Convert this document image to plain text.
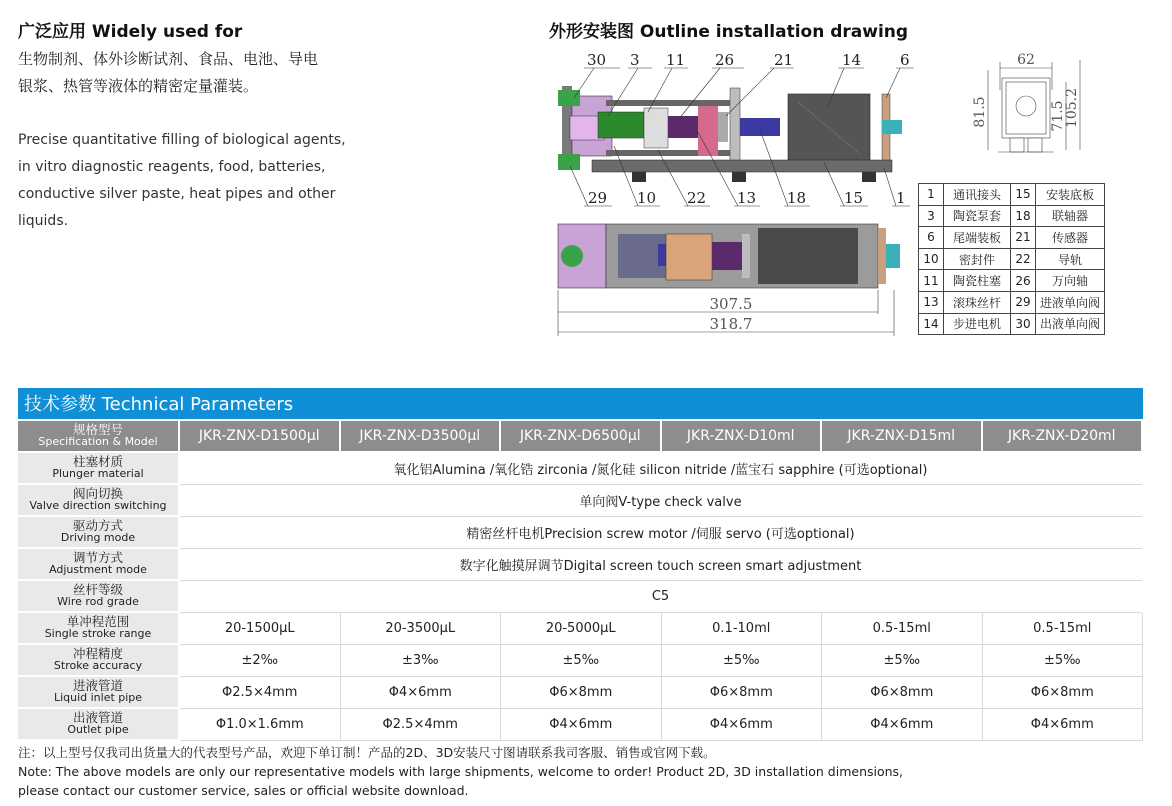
广泛应用 Widely used for
生物制剂、体外诊断试剂、食品、电池、导电
银浆、热管等液体的精密定量灌装。
Precise quantitative filling of biological agents,
in vitro diagnostic reagents, food, batteries,
conductive silver paste, heat pipes and other
liquids.
外形安装图 Outline installation drawing
30 3 11 26	21	14	6
29 10 22 13 18	15 1
307.5
318.7
62
81.5	71.5
105.2
1	通讯接头	15	安装底板
3	陶瓷泵套	18	联轴器
6	尾端装板	21	传感器
10	密封件	22	导轨
11	陶瓷柱塞	26	万向轴
13	滚珠丝杆	29	进液单向阀
14	步进电机	30	出液单向阀
技术参数 Technical Parameters
规格型号
Specification & Model	JKR-ZNX-D1500μl	JKR-ZNX-D3500μl	JKR-ZNX-D6500μl	JKR-ZNX-D10ml	JKR-ZNX-D15ml	JKR-ZNX-D20ml

柱塞材质
Plunger material	氧化铝Alumina /氧化锆 zirconia /氮化硅 silicon nitride /蓝宝石 sapphire (可选optional)					

阀向切换
Valve direction switching	单向阀V-type check valve					

驱动方式
Driving mode	精密丝杆电机Precision screw motor /伺服 servo (可选optional)					

调节方式
Adjustment mode	数字化触摸屏调节Digital screen touch screen smart adjustment					

丝杆等级
Wire rod grade	C5					

单冲程范围
Single stroke range	20-1500μL	20-3500μL	20-5000μL	0.1-10ml	0.5-15ml	0.5-15ml

冲程精度
Stroke accuracy	±2‰	±3‰	±5‰	±5‰	±5‰	±5‰

进液管道
Liquid inlet pipe	Φ2.5×4mm	Φ4×6mm	Φ6×8mm	Φ6×8mm	Φ6×8mm	Φ6×8mm

出液管道
Outlet pipe	Φ1.0×1.6mm	Φ2.5×4mm	Φ4×6mm	Φ4×6mm	Φ4×6mm	Φ4×6mm
注：以上型号仅我司出货量大的代表型号产品，欢迎下单订制！产品的2D、3D安装尺寸图请联系我司客服、销售或官网下载。
Note: The above models are only our representative models with large shipments, welcome to order! Product 2D, 3D installation dimensions,
please contact our customer service, sales or official website download.
